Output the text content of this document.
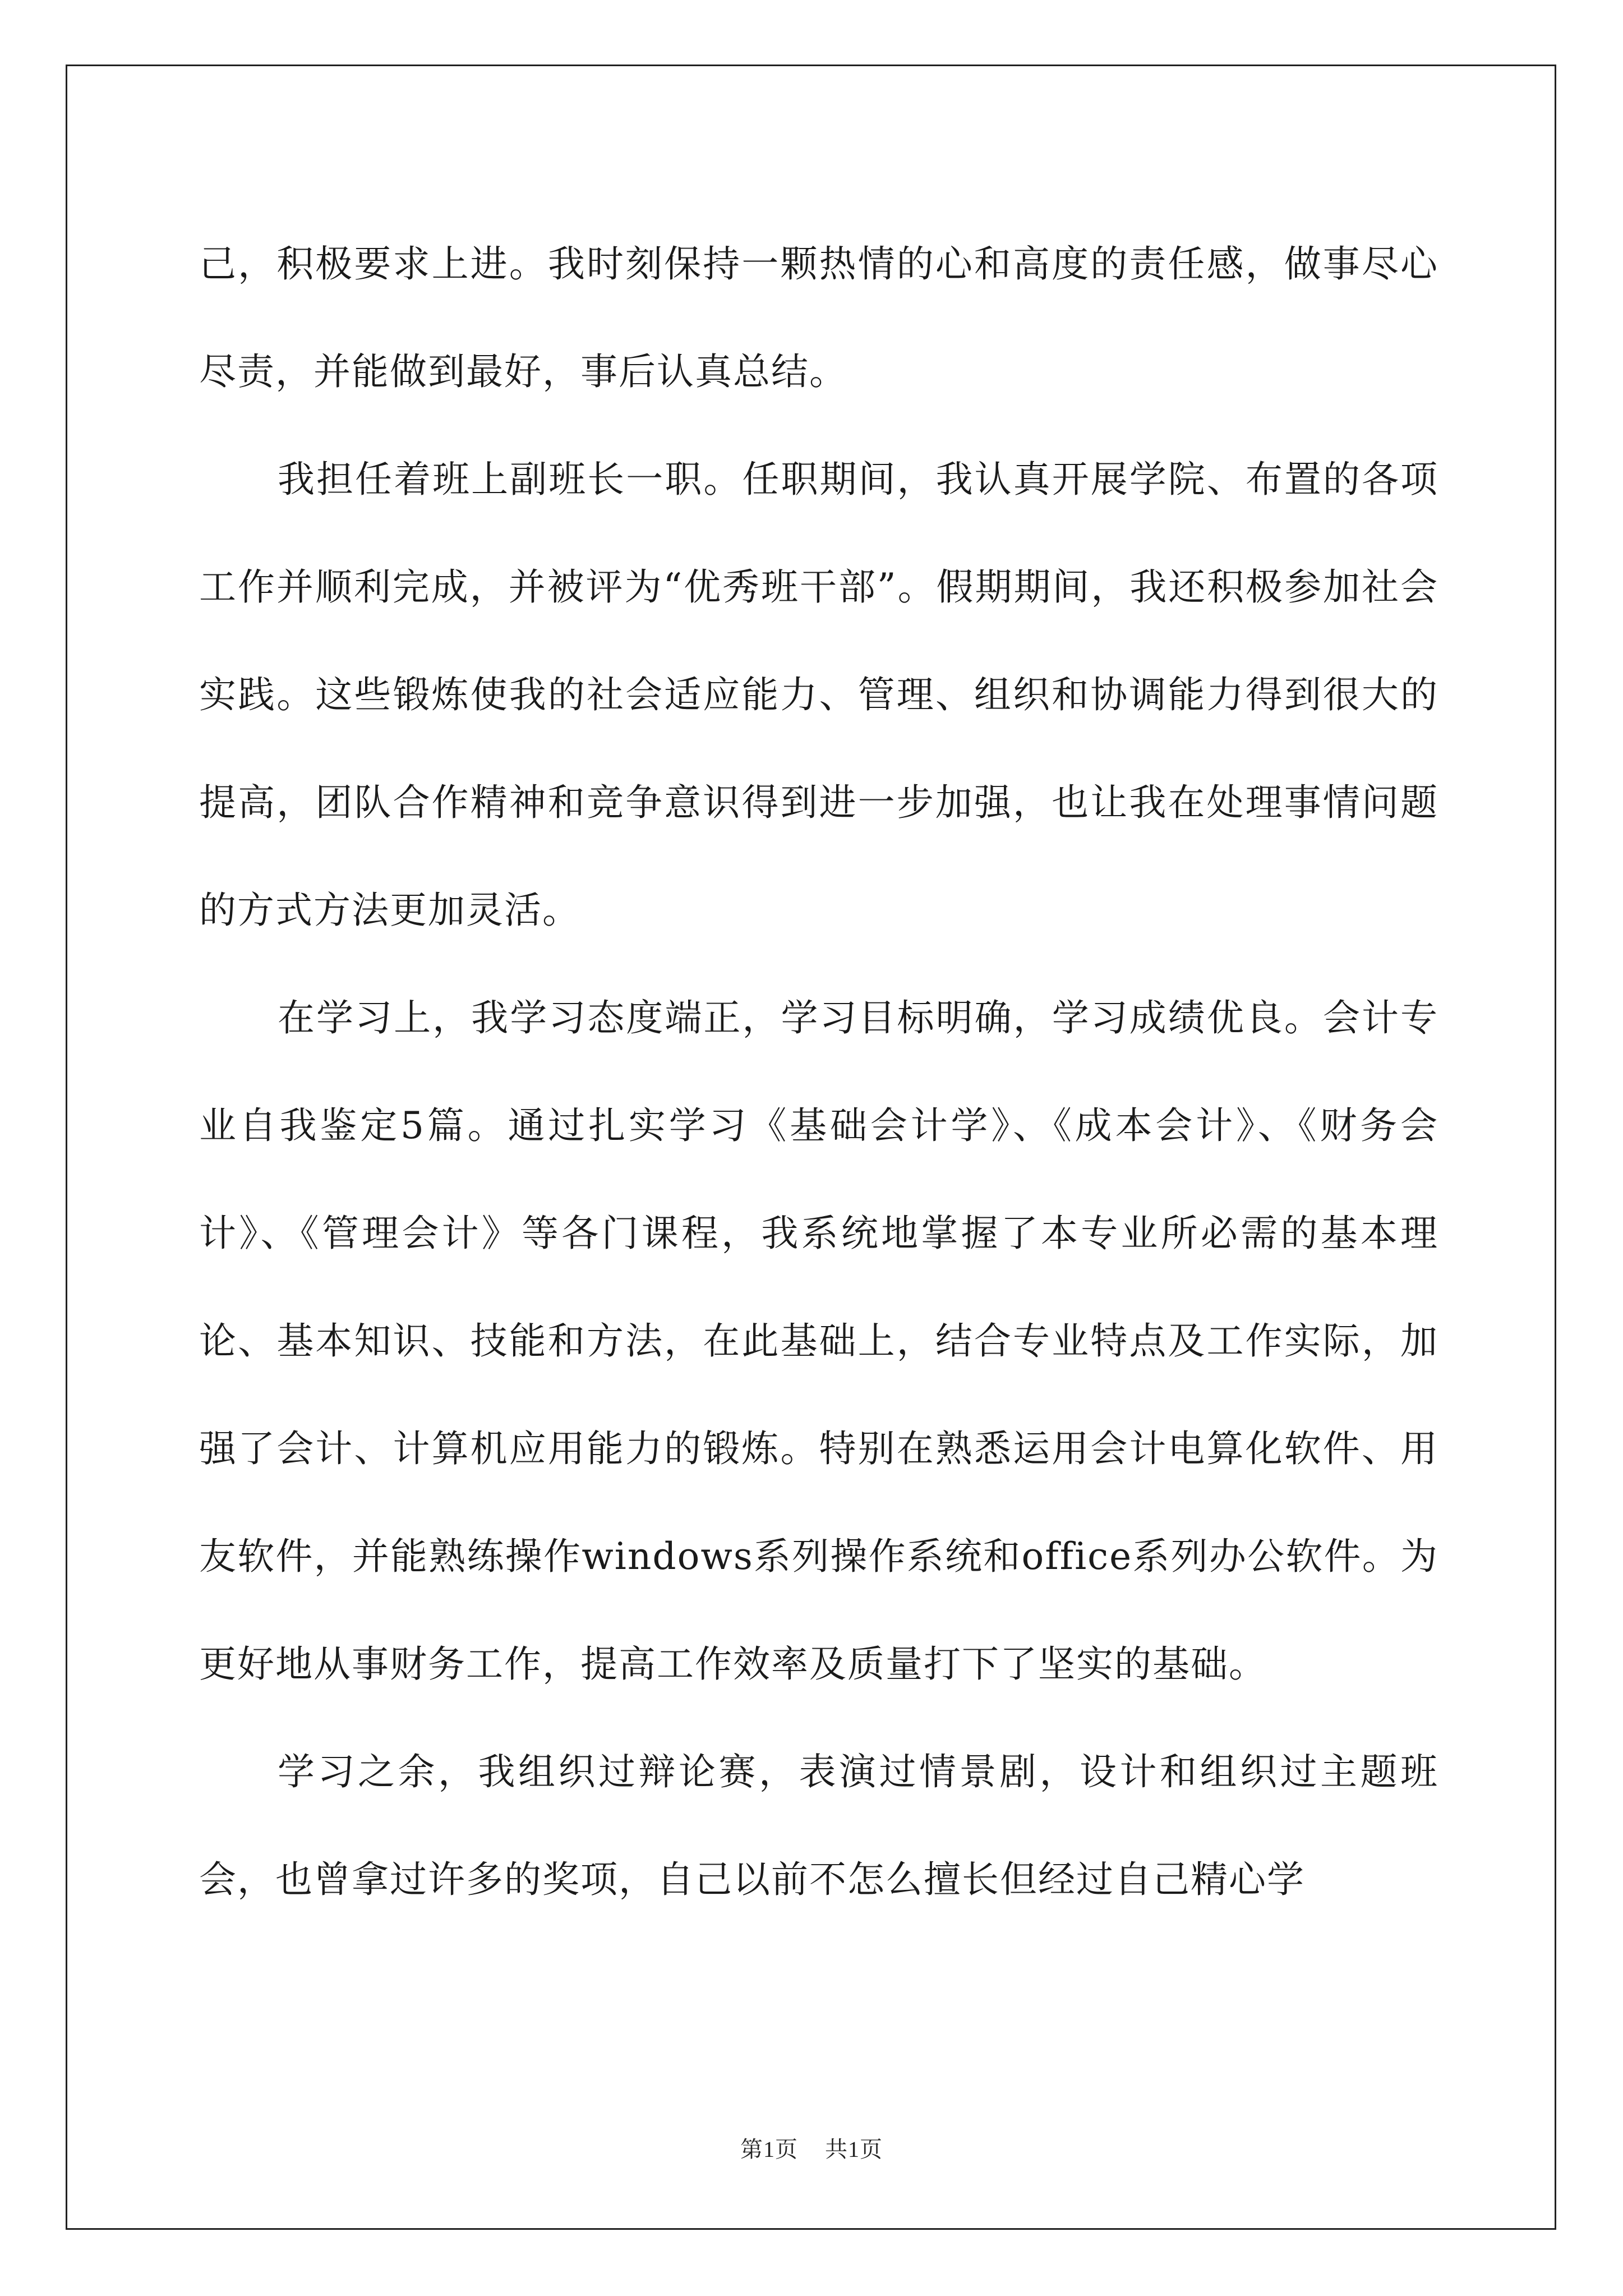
己，积极要求上进。我时刻保持一颗热情的心和高度的责任感，做事尽心尽责，并能做到最好，事后认真总结。

我担任着班上副班长一职。任职期间，我认真开展学院、布置的各项工作并顺利完成，并被评为“优秀班干部”。假期期间，我还积极参加社会实践。这些锻炼使我的社会适应能力、管理、组织和协调能力得到很大的提高，团队合作精神和竞争意识得到进一步加强，也让我在处理事情问题的方式方法更加灵活。

在学习上，我学习态度端正，学习目标明确，学习成绩优良。会计专业自我鉴定5篇。通过扎实学习《基础会计学》、《成本会计》、《财务会计》、《管理会计》等各门课程，我系统地掌握了本专业所必需的基本理论、基本知识、技能和方法，在此基础上，结合专业特点及工作实际，加强了会计、计算机应用能力的锻炼。特别在熟悉运用会计电算化软件、用友软件，并能熟练操作windows系列操作系统和office系列办公软件。为更好地从事财务工作，提高工作效率及质量打下了坚实的基础。

学习之余，我组织过辩论赛，表演过情景剧，设计和组织过主题班会，也曾拿过许多的奖项，自己以前不怎么擅长但经过自己精心学

第1页 共1页
